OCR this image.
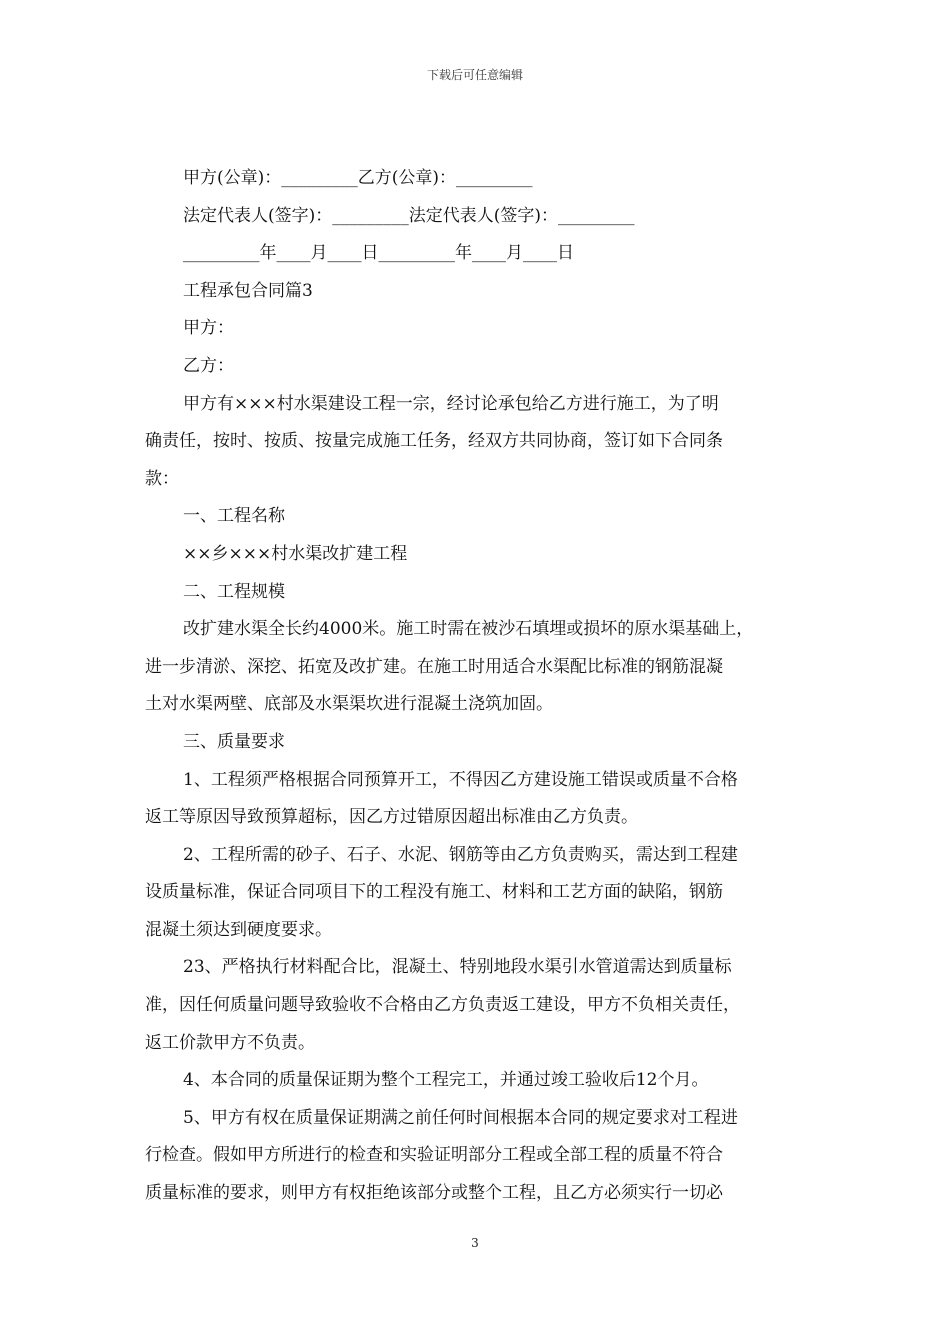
下载后可任意编辑
甲方(公章)：_________乙方(公章)：_________
法定代表人(签字)：_________法定代表人(签字)：_________
_________年____月____日_________年____月____日
工程承包合同篇3
甲方：
乙方：
甲方有×××村水渠建设工程一宗，经讨论承包给乙方进行施工，为了明
确责任，按时、按质、按量完成施工任务，经双方共同协商，签订如下合同条
款：
一、工程名称
××乡×××村水渠改扩建工程
二、工程规模
改扩建水渠全长约4000米。施工时需在被沙石填埋或损坏的原水渠基础上，
进一步清淤、深挖、拓宽及改扩建。在施工时用适合水渠配比标准的钢筋混凝
土对水渠两壁、底部及水渠渠坎进行混凝土浇筑加固。
三、质量要求
1、工程须严格根据合同预算开工，不得因乙方建设施工错误或质量不合格
返工等原因导致预算超标，因乙方过错原因超出标准由乙方负责。
2、工程所需的砂子、石子、水泥、钢筋等由乙方负责购买，需达到工程建
设质量标准，保证合同项目下的工程没有施工、材料和工艺方面的缺陷，钢筋
混凝土须达到硬度要求。
23、严格执行材料配合比，混凝土、特别地段水渠引水管道需达到质量标
准，因任何质量问题导致验收不合格由乙方负责返工建设，甲方不负相关责任，
返工价款甲方不负责。
4、本合同的质量保证期为整个工程完工，并通过竣工验收后12个月。
5、甲方有权在质量保证期满之前任何时间根据本合同的规定要求对工程进
行检查。假如甲方所进行的检查和实验证明部分工程或全部工程的质量不符合
质量标准的要求，则甲方有权拒绝该部分或整个工程，且乙方必须实行一切必
3
